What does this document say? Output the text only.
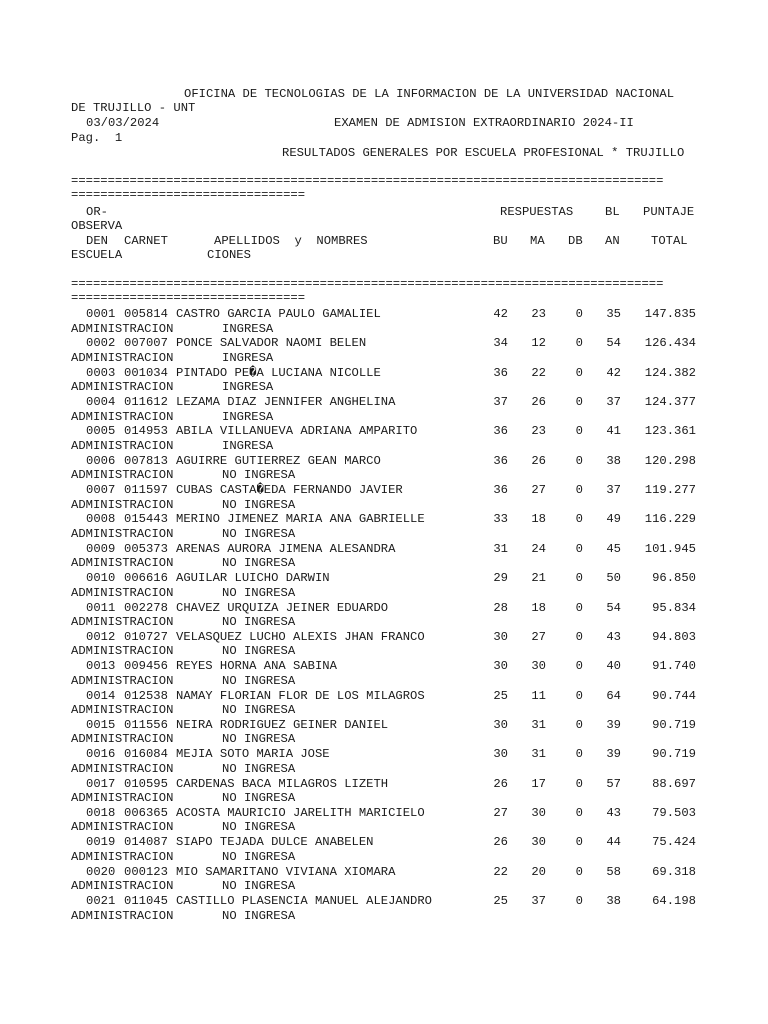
OFICINA DE TECNOLOGIAS DE LA INFORMACION DE LA UNIVERSIDAD NACIONAL
DE TRUJILLO - UNT
03/03/2024	EXAMEN DE ADMISION EXTRAORDINARIO 2024-II
Pag.  1
RESULTADOS GENERALES POR ESCUELA PROFESIONAL * TRUJILLO
=================================================================================
================================
OR-	RESPUESTAS	BL PUNTAJE
OBSERVA
DEN CARNET	APELLIDOS  y  NOMBRES	BU MA DB AN	TOTAL
ESCUELA	CIONES
=================================================================================
================================
0001 005814 CASTRO GARCIA PAULO GAMALIEL	42 23 0 35 147.835
ADMINISTRACION	INGRESA
0002 007007 PONCE SALVADOR NAOMI BELEN	34 12 0 54 126.434
ADMINISTRACION	INGRESA
0003 001034 PINTADO PE�A LUCIANA NICOLLE	36 22 0 42 124.382
ADMINISTRACION	INGRESA
0004 011612 LEZAMA DIAZ JENNIFER ANGHELINA	37 26 0 37 124.377
ADMINISTRACION	INGRESA
0005 014953 ABILA VILLANUEVA ADRIANA AMPARITO	36 23 0 41 123.361
ADMINISTRACION	INGRESA
0006 007813 AGUIRRE GUTIERREZ GEAN MARCO	36 26 0 38 120.298
ADMINISTRACION	NO INGRESA
0007 011597 CUBAS CASTA�EDA FERNANDO JAVIER	36 27 0 37 119.277
ADMINISTRACION	NO INGRESA
0008 015443 MERINO JIMENEZ MARIA ANA GABRIELLE	33 18 0 49 116.229
ADMINISTRACION	NO INGRESA
0009 005373 ARENAS AURORA JIMENA ALESANDRA	31 24 0 45 101.945
ADMINISTRACION	NO INGRESA
0010 006616 AGUILAR LUICHO DARWIN	29 21 0 50	96.850
ADMINISTRACION	NO INGRESA
0011 002278 CHAVEZ URQUIZA JEINER EDUARDO	28 18 0 54	95.834
ADMINISTRACION	NO INGRESA
0012 010727 VELASQUEZ LUCHO ALEXIS JHAN FRANCO	30 27 0 43	94.803
ADMINISTRACION	NO INGRESA
0013 009456 REYES HORNA ANA SABINA	30 30 0 40	91.740
ADMINISTRACION	NO INGRESA
0014 012538 NAMAY FLORIAN FLOR DE LOS MILAGROS	25 11 0 64	90.744
ADMINISTRACION	NO INGRESA
0015 011556 NEIRA RODRIGUEZ GEINER DANIEL	30 31 0 39	90.719
ADMINISTRACION	NO INGRESA
0016 016084 MEJIA SOTO MARIA JOSE	30 31 0 39	90.719
ADMINISTRACION	NO INGRESA
0017 010595 CARDENAS BACA MILAGROS LIZETH	26 17 0 57	88.697
ADMINISTRACION	NO INGRESA
0018 006365 ACOSTA MAURICIO JARELITH MARICIELO	27 30 0 43	79.503
ADMINISTRACION	NO INGRESA
0019 014087 SIAPO TEJADA DULCE ANABELEN	26 30 0 44	75.424
ADMINISTRACION	NO INGRESA
0020 000123 MIO SAMARITANO VIVIANA XIOMARA	22 20 0 58	69.318
ADMINISTRACION	NO INGRESA
0021 011045 CASTILLO PLASENCIA MANUEL ALEJANDRO	25 37 0 38	64.198
ADMINISTRACION	NO INGRESA
